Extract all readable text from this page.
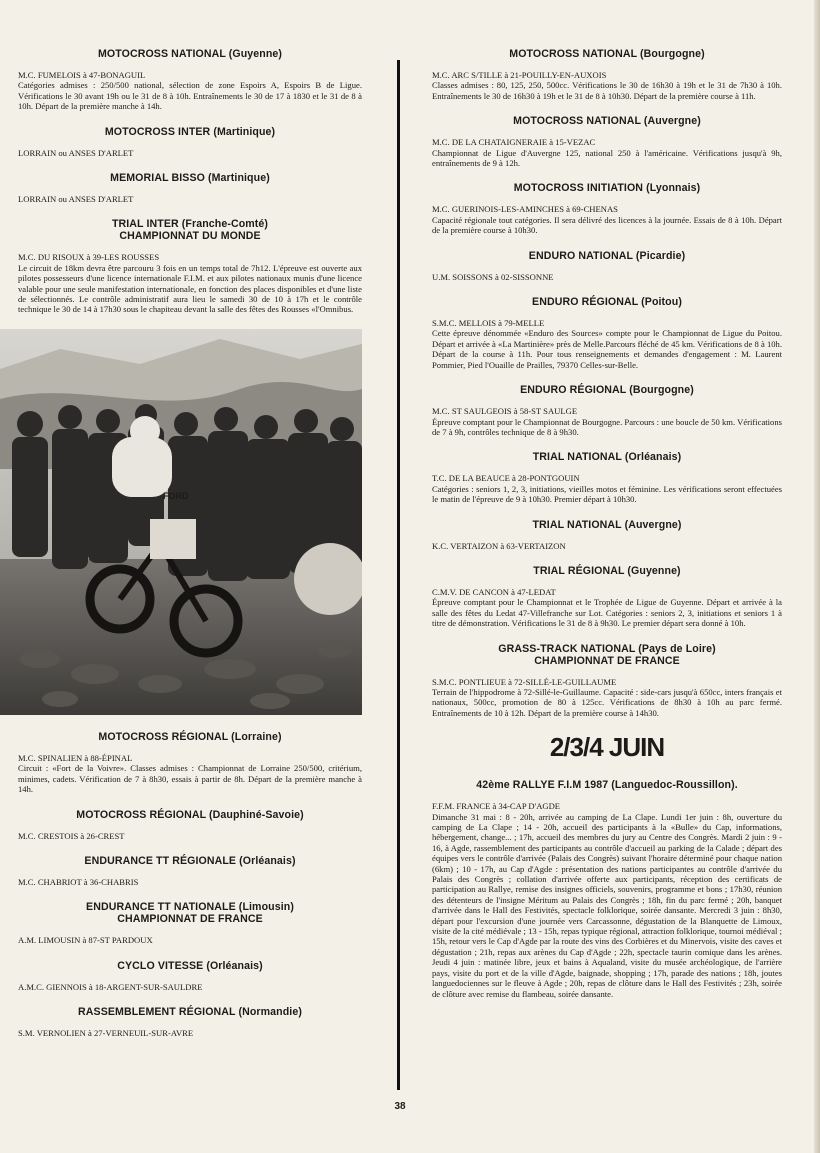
MOTOCROSS NATIONAL (Guyenne)
M.C. FUMELOIS à 47-BONAGUIL
Catégories admises : 250/500 national, sélection de zone Espoirs A, Espoirs B de Ligue. Vérifications le 30 avant 19h ou le 31 de 8 à 10h. Entraînements le 30 de 17 à 1830 et le 31 de 8 à 10h. Départ de la première manche à 14h.
MOTOCROSS INTER (Martinique)
LORRAIN ou ANSES D'ARLET
MEMORIAL BISSO (Martinique)
LORRAIN ou ANSES D'ARLET
TRIAL INTER (Franche-Comté)
CHAMPIONNAT DU MONDE
M.C. DU RISOUX à 39-LES ROUSSES
Le circuit de 18km devra être parcouru 3 fois en un temps total de 7h12. L'épreuve est ouverte aux pilotes possesseurs d'une licence internationale F.I.M. et aux pilotes nationaux munis d'une licence valable pour une seule manifestation internationale, en fonction des places disponibles et d'une liste de sélectionnés. Le contrôle administratif aura lieu le samedi 30 de 10 à 17h et le contrôle technique le 30 de 14 à 17h30 sous le chapiteau devant la salle des fêtes des Rousses «l'Omnibus.
FORD
MOTOCROSS RÉGIONAL (Lorraine)
M.C. SPINALIEN à 88-ÉPINAL
Circuit : «Fort de la Voivre». Classes admises : Championnat de Lorraine 250/500, critérium, minimes, cadets. Vérification de 7 à 8h30, essais à partir de 8h. Départ de la première manche à 14h.
MOTOCROSS RÉGIONAL (Dauphiné-Savoie)
M.C. CRESTOIS à 26-CREST
ENDURANCE TT RÉGIONALE (Orléanais)
M.C. CHABRIOT à 36-CHABRIS
ENDURANCE TT NATIONALE (Limousin)
CHAMPIONNAT DE FRANCE
A.M. LIMOUSIN à 87-ST PARDOUX
CYCLO VITESSE (Orléanais)
A.M.C. GIENNOIS à 18-ARGENT-SUR-SAULDRE
RASSEMBLEMENT RÉGIONAL (Normandie)
S.M. VERNOLIEN à 27-VERNEUIL-SUR-AVRE
MOTOCROSS NATIONAL (Bourgogne)
M.C. ARC S/TILLE à 21-POUILLY-EN-AUXOIS
Classes admises : 80, 125, 250, 500cc. Vérifications le 30 de 16h30 à 19h et le 31 de 7h30 à 10h. Entraînements le 30 de 16h30 à 19h et le 31 de 8 à 10h30. Départ de la première course à 11h.
MOTOCROSS NATIONAL (Auvergne)
M.C. DE LA CHATAIGNERAIE à 15-VEZAC
Championnat de Ligue d'Auvergne 125, national 250 à l'américaine. Vérifications jusqu'à 9h, entraînements de 9 à 12h.
MOTOCROSS INITIATION (Lyonnais)
M.C. GUERINOIS-LES-AMINCHES à 69-CHENAS
Capacité régionale tout catégories. Il sera délivré des licences à la journée. Essais de 8 à 10h. Départ de la première course à 10h30.
ENDURO NATIONAL (Picardie)
U.M. SOISSONS à 02-SISSONNE
ENDURO RÉGIONAL (Poitou)
S.M.C. MELLOIS à 79-MELLE
Cette épreuve dénommée «Enduro des Sources» compte pour le Championnat de Ligue du Poitou. Départ et arrivée à «La Martinière» près de Melle.Parcours fléché de 45 km. Vérifications de 8 à 10h. Départ de la course à 11h. Pour tous renseignements et demandes d'engagement : M. Laurent Pommier, Pied l'Ouaille de Prailles, 79370 Celles-sur-Belle.
ENDURO RÉGIONAL (Bourgogne)
M.C. ST SAULGEOIS à 58-ST SAULGE
Épreuve comptant pour le Championnat de Bourgogne. Parcours : une boucle de 50 km. Vérifications de 7 à 9h, contrôles technique de 8 à 9h30.
TRIAL NATIONAL (Orléanais)
T.C. DE LA BEAUCE à 28-PONTGOUIN
Catégories : seniors 1, 2, 3, initiations, vieilles motos et féminine. Les vérifications seront effectuées le matin de l'épreuve de 9 à 10h30. Premier départ à 10h30.
TRIAL NATIONAL (Auvergne)
K.C. VERTAIZON à 63-VERTAIZON
TRIAL RÉGIONAL (Guyenne)
C.M.V. DE CANCON à 47-LEDAT
Épreuve comptant pour le Championnat et le Trophée de Ligue de Guyenne. Départ et arrivée à la salle des fêtes du Ledat 47-Villefranche sur Lot. Catégories : seniors 2, 3, initiations et seniors 1 à titre de démonstration. Vérifications le 31 de 8 à 9h30. Le premier départ sera donné à 10h.
GRASS-TRACK NATIONAL (Pays de Loire)
CHAMPIONNAT DE FRANCE
S.M.C. PONTLIEUE à 72-SILLÉ-LE-GUILLAUME
Terrain de l'hippodrome à 72-Sillé-le-Guillaume. Capacité : side-cars jusqu'à 650cc, inters français et nationaux, 500cc, promotion de 80 à 125cc. Vérifications de 8h30 à 10h au parc fermé. Entraînements de 10 à 12h. Départ de la première course à 14h30.
2/3/4 JUIN
42ème RALLYE F.I.M 1987 (Languedoc-Roussillon).
F.F.M. FRANCE à 34-CAP D'AGDE
Dimanche 31 mai : 8 - 20h, arrivée au camping de La Clape. Lundi 1er juin : 8h, ouverture du camping de La Clape ; 14 - 20h, accueil des participants à la «Bulle» du Cap, informations, hébergement, change... ; 17h, accueil des membres du jury au Centre des Congrès. Mardi 2 juin : 9 - 16, à Agde, rassemblement des participants au contrôle d'accueil au parking de la Calade ; départ des équipes vers le contrôle d'arrivée (Palais des Congrès) suivant l'horaire déterminé pour chaque nation (6km) ; 10 - 17h, au Cap d'Agde : présentation des nations participantes au contrôle d'arrivée du Palais des Congrès ; collation d'arrivée offerte aux participants, réception des certificats de participation au Rallye, remise des insignes officiels, souvenirs, programme et bons ; 17h30, réunion des détenteurs de l'insigne Méritum au Palais des Congrès ; 18h, fin du parc fermé ; 20h, banquet d'arrivée dans le Hall des Festivités, spectacle folklorique, soirée dansante. Mercredi 3 juin : 8h30, départ pour l'excursion d'une journée vers Carcassonne, dégustation de la Blanquette de Limoux, visite de la cité médiévale ; 13 - 15h, repas typique régional, attraction folklorique, tournoi médiéval ; 15h, retour vers le Cap d'Agde par la route des vins des Corbières et du Minervois, visite des caves et dégustation ; 21h, repas aux arènes du Cap d'Agde ; 22h, spectacle taurin comique dans les arènes. Jeudi 4 juin : matinée libre, jeux et bains à Aqualand, visite du musée archéologique, de l'arrière pays, visite du port et de la ville d'Agde, baignade, shopping ; 17h, parade des nations ; 18h, joutes languedociennes sur le fleuve à Agde ; 20h, repas de clôture dans le Hall des Festivités ; 23h, soirée de clôture avec remise du flambeau, soirée dansante.
38
